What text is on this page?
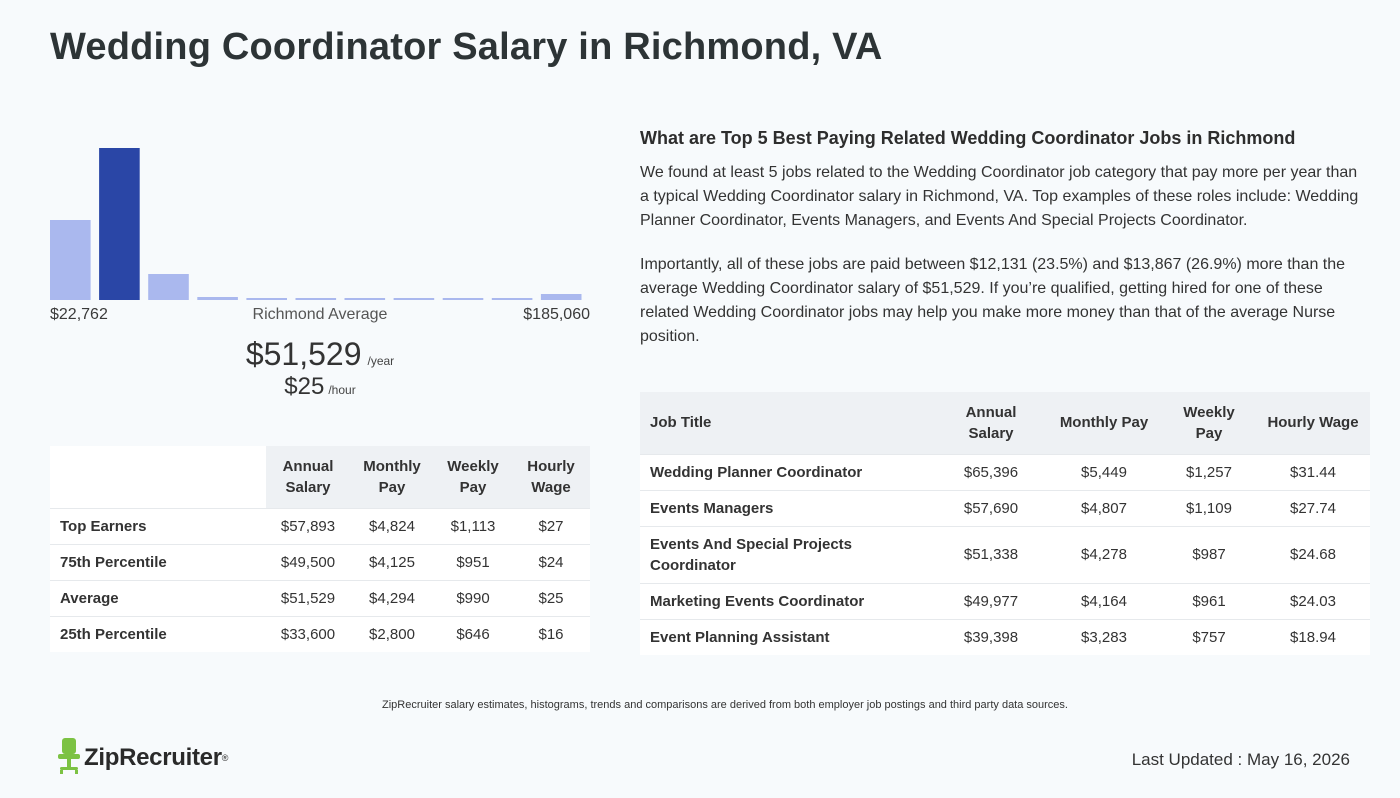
Wedding Coordinator Salary in Richmond, VA
$22,762	Richmond Average	$185,060
$51,529 /year
$25 /hour
	Annual Salary	Monthly Pay	Weekly Pay	Hourly Wage
Top Earners	$57,893	$4,824	$1,113	$27
75th Percentile	$49,500	$4,125	$951	$24
Average	$51,529	$4,294	$990	$25
25th Percentile	$33,600	$2,800	$646	$16
What are Top 5 Best Paying Related Wedding Coordinator Jobs in Richmond

We found at least 5 jobs related to the Wedding Coordinator job category that pay more per year than a typical Wedding Coordinator salary in Richmond, VA. Top examples of these roles include: Wedding Planner Coordinator, Events Managers, and Events And Special Projects Coordinator.

Importantly, all of these jobs are paid between $12,131 (23.5%) and $13,867 (26.9%) more than the average Wedding Coordinator salary of $51,529. If you’re qualified, getting hired for one of these related Wedding Coordinator jobs may help you make more money than that of the average Nurse position.

Job Title	Annual Salary	Monthly Pay	Weekly Pay	Hourly Wage
Wedding Planner Coordinator	$65,396	$5,449	$1,257	$31.44
Events Managers	$57,690	$4,807	$1,109	$27.74
Events And Special Projects Coordinator	$51,338	$4,278	$987	$24.68
Marketing Events Coordinator	$49,977	$4,164	$961	$24.03
Event Planning Assistant	$39,398	$3,283	$757	$18.94

ZipRecruiter salary estimates, histograms, trends and comparisons are derived from both employer job postings and third party data sources.

ZipRecruiter ®	Last Updated : May 16, 2026
